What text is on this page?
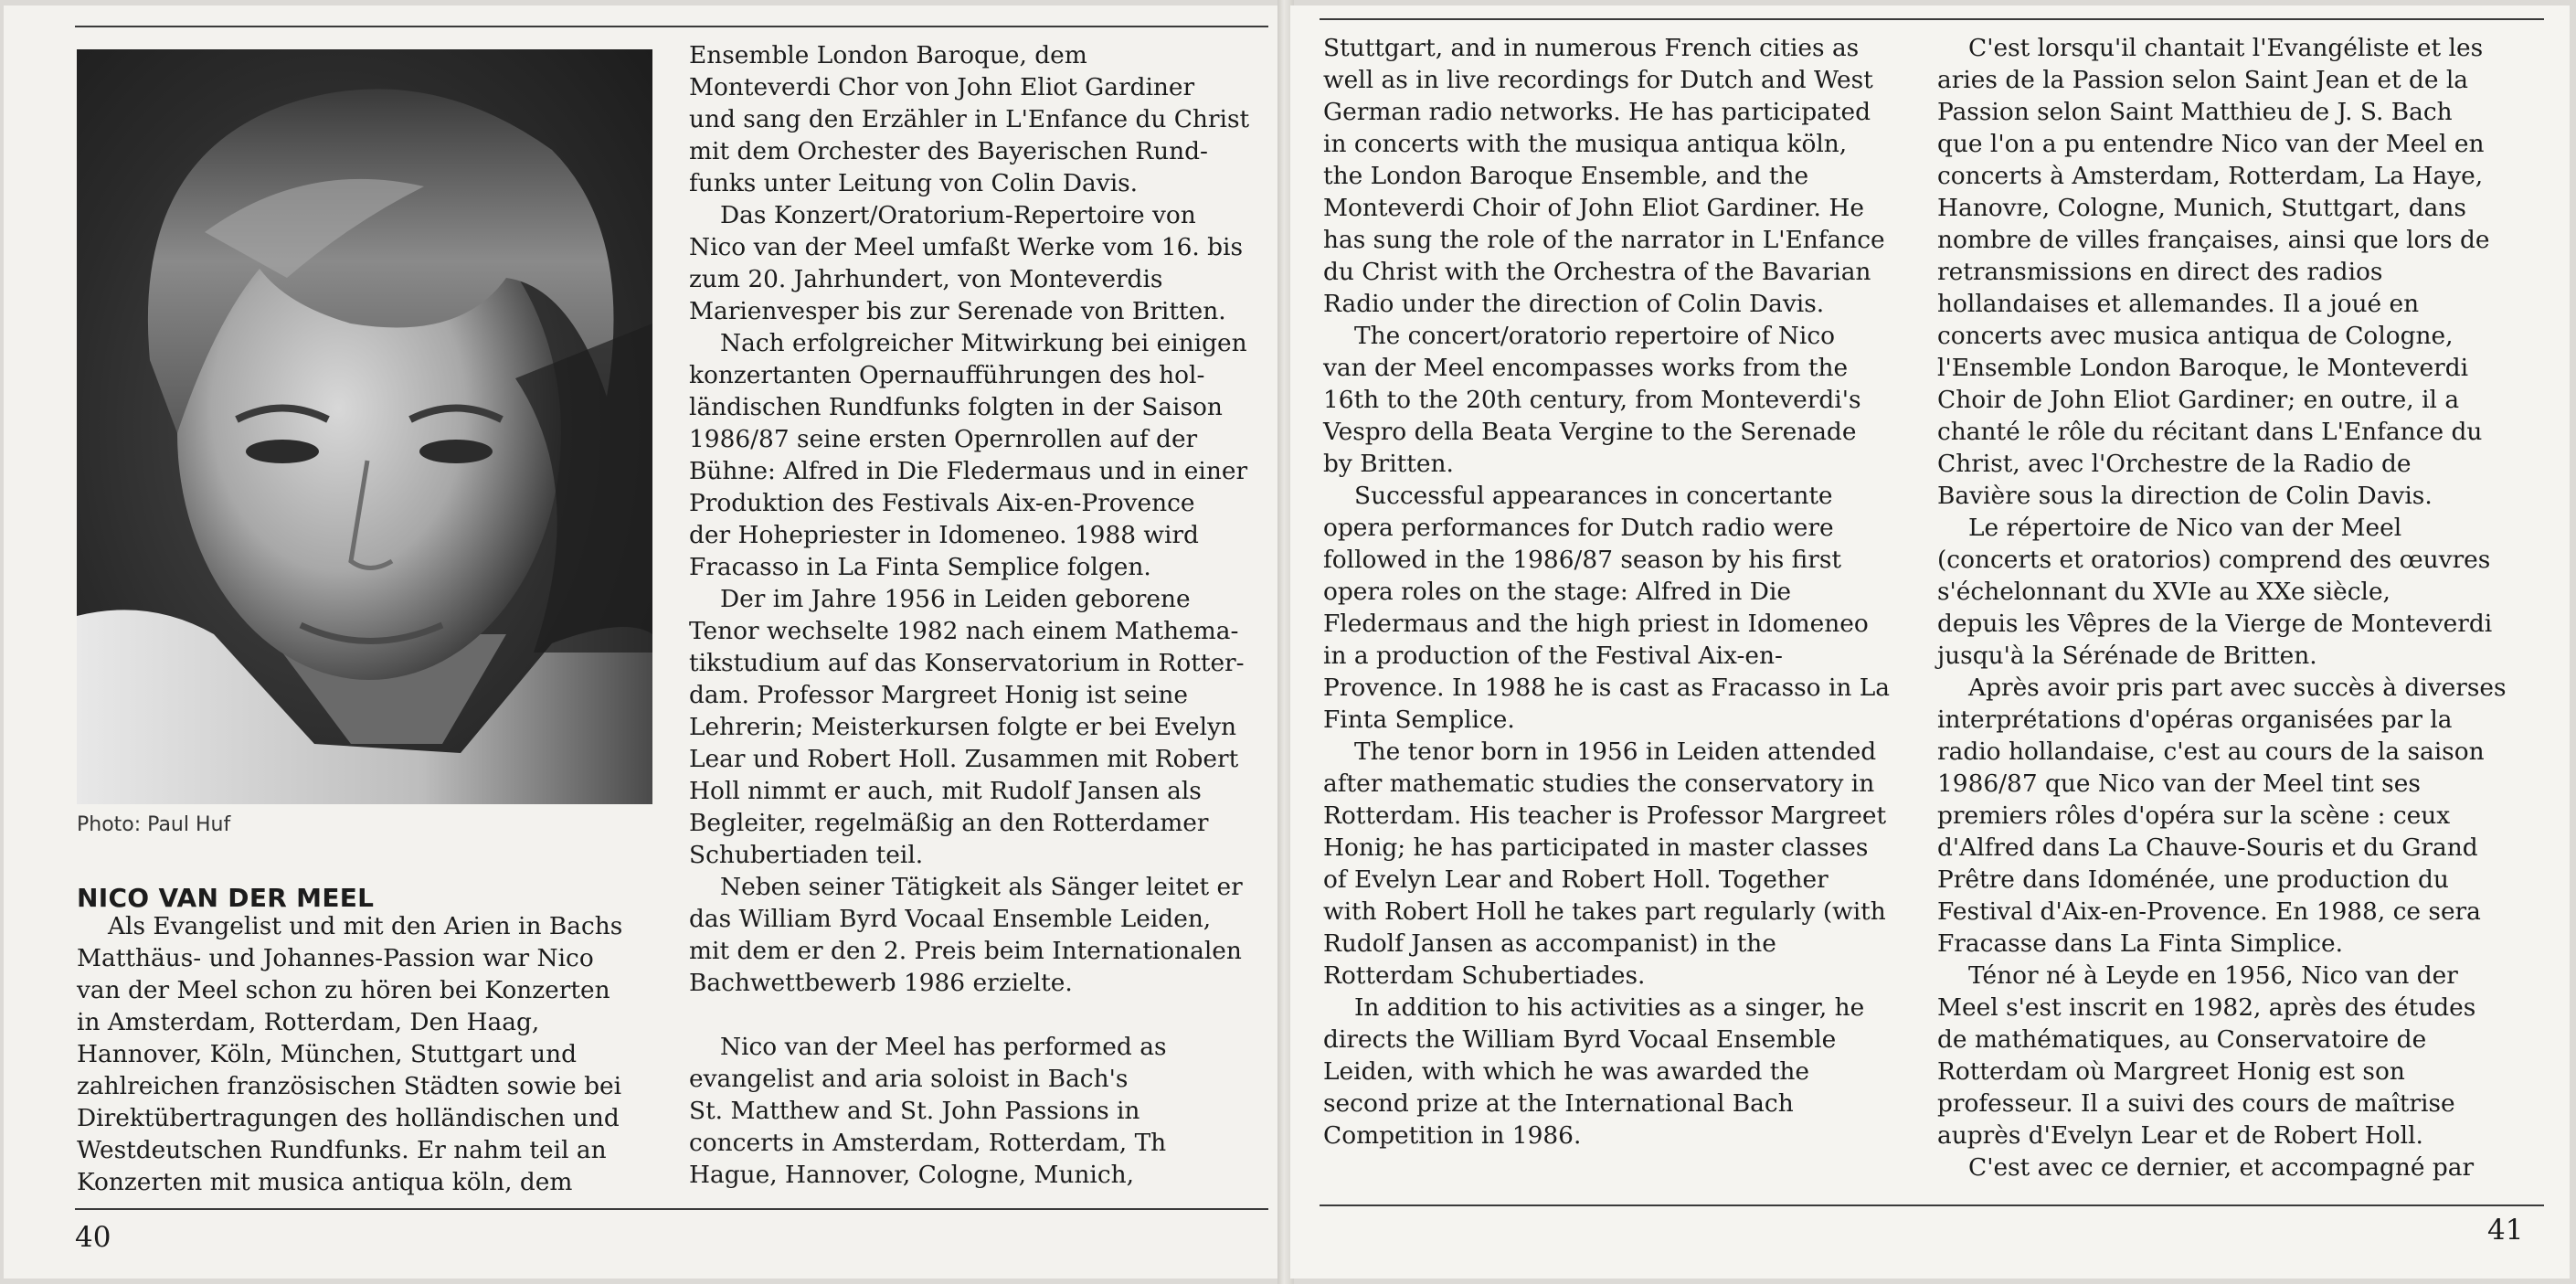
Photo: Paul Huf
NICO VAN DER MEEL
Als Evangelist und mit den Arien in Bachs
Matthäus- und Johannes-Passion war Nico
van der Meel schon zu hören bei Konzerten
in Amsterdam, Rotterdam, Den Haag,
Hannover, Köln, München, Stuttgart und
zahlreichen französischen Städten sowie bei
Direktübertragungen des holländischen und
Westdeutschen Rundfunks. Er nahm teil an
Konzerten mit musica antiqua köln, dem
Ensemble London Baroque, dem
Monteverdi Chor von John Eliot Gardiner
und sang den Erzähler in L'Enfance du Christ
mit dem Orchester des Bayerischen Rund-
funks unter Leitung von Colin Davis.
Das Konzert/Oratorium-Repertoire von
Nico van der Meel umfaßt Werke vom 16. bis
zum 20. Jahrhundert, von Monteverdis
Marienvesper bis zur Serenade von Britten.
Nach erfolgreicher Mitwirkung bei einigen
konzertanten Opernaufführungen des hol-
ländischen Rundfunks folgten in der Saison
1986/87 seine ersten Opernrollen auf der
Bühne: Alfred in Die Fledermaus und in einer
Produktion des Festivals Aix-en-Provence
der Hohepriester in Idomeneo. 1988 wird
Fracasso in La Finta Semplice folgen.
Der im Jahre 1956 in Leiden geborene
Tenor wechselte 1982 nach einem Mathema-
tikstudium auf das Konservatorium in Rotter-
dam. Professor Margreet Honig ist seine
Lehrerin; Meisterkursen folgte er bei Evelyn
Lear und Robert Holl. Zusammen mit Robert
Holl nimmt er auch, mit Rudolf Jansen als
Begleiter, regelmäßig an den Rotterdamer
Schubertiaden teil.
Neben seiner Tätigkeit als Sänger leitet er
das William Byrd Vocaal Ensemble Leiden,
mit dem er den 2. Preis beim Internationalen
Bachwettbewerb 1986 erzielte.
Nico van der Meel has performed as
evangelist and aria soloist in Bach's
St. Matthew and St. John Passions in
concerts in Amsterdam, Rotterdam, Th
Hague, Hannover, Cologne, Munich,
40
Stuttgart, and in numerous French cities as
well as in live recordings for Dutch and West
German radio networks. He has participated
in concerts with the musiqua antiqua köln,
the London Baroque Ensemble, and the
Monteverdi Choir of John Eliot Gardiner. He
has sung the role of the narrator in L'Enfance
du Christ with the Orchestra of the Bavarian
Radio under the direction of Colin Davis.
The concert/oratorio repertoire of Nico
van der Meel encompasses works from the
16th to the 20th century, from Monteverdi's
Vespro della Beata Vergine to the Serenade
by Britten.
Successful appearances in concertante
opera performances for Dutch radio were
followed in the 1986/87 season by his first
opera roles on the stage: Alfred in Die
Fledermaus and the high priest in Idomeneo
in a production of the Festival Aix-en-
Provence. In 1988 he is cast as Fracasso in La
Finta Semplice.
The tenor born in 1956 in Leiden attended
after mathematic studies the conservatory in
Rotterdam. His teacher is Professor Margreet
Honig; he has participated in master classes
of Evelyn Lear and Robert Holl. Together
with Robert Holl he takes part regularly (with
Rudolf Jansen as accompanist) in the
Rotterdam Schubertiades.
In addition to his activities as a singer, he
directs the William Byrd Vocaal Ensemble
Leiden, with which he was awarded the
second prize at the International Bach
Competition in 1986.
C'est lorsqu'il chantait l'Evangéliste et les
aries de la Passion selon Saint Jean et de la
Passion selon Saint Matthieu de J. S. Bach
que l'on a pu entendre Nico van der Meel en
concerts à Amsterdam, Rotterdam, La Haye,
Hanovre, Cologne, Munich, Stuttgart, dans
nombre de villes françaises, ainsi que lors de
retransmissions en direct des radios
hollandaises et allemandes. Il a joué en
concerts avec musica antiqua de Cologne,
l'Ensemble London Baroque, le Monteverdi
Choir de John Eliot Gardiner; en outre, il a
chanté le rôle du récitant dans L'Enfance du
Christ, avec l'Orchestre de la Radio de
Bavière sous la direction de Colin Davis.
Le répertoire de Nico van der Meel
(concerts et oratorios) comprend des œuvres
s'échelonnant du XVIe au XXe siècle,
depuis les Vêpres de la Vierge de Monteverdi
jusqu'à la Sérénade de Britten.
Après avoir pris part avec succès à diverses
interprétations d'opéras organisées par la
radio hollandaise, c'est au cours de la saison
1986/87 que Nico van der Meel tint ses
premiers rôles d'opéra sur la scène : ceux
d'Alfred dans La Chauve-Souris et du Grand
Prêtre dans Idoménée, une production du
Festival d'Aix-en-Provence. En 1988, ce sera
Fracasse dans La Finta Simplice.
Ténor né à Leyde en 1956, Nico van der
Meel s'est inscrit en 1982, après des études
de mathématiques, au Conservatoire de
Rotterdam où Margreet Honig est son
professeur. Il a suivi des cours de maîtrise
auprès d'Evelyn Lear et de Robert Holl.
C'est avec ce dernier, et accompagné par
41
